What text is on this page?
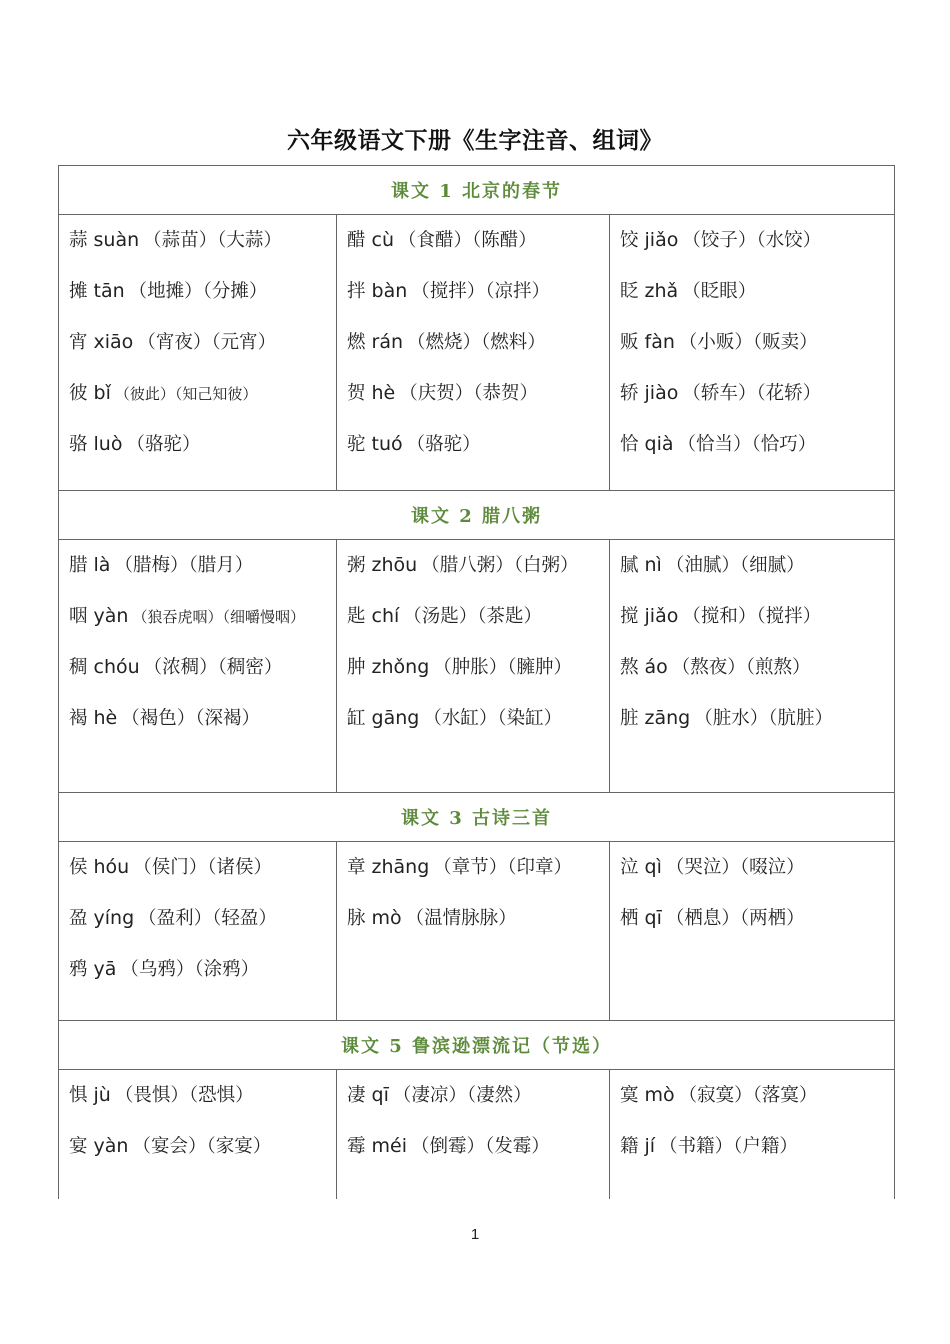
六年级语文下册《生字注音、组词》
课文 1 北京的春节
蒜 suàn （蒜苗）（大蒜）
摊 tān （地摊）（分摊）
宵 xiāo （宵夜）（元宵）
彼 bǐ （彼此）（知己知彼）
骆 luò （骆驼）
醋 cù （食醋）（陈醋）
拌 bàn （搅拌）（凉拌）
燃 rán （燃烧）（燃料）
贺 hè （庆贺）（恭贺）
驼 tuó （骆驼）
饺 jiǎo （饺子）（水饺）
眨 zhǎ （眨眼）
贩 fàn （小贩）（贩卖）
轿 jiào （轿车）（花轿）
恰 qià （恰当）（恰巧）
课文 2 腊八粥
腊 là （腊梅）（腊月）
咽 yàn （狼吞虎咽）（细嚼慢咽）
稠 chóu （浓稠）（稠密）
褐 hè （褐色）（深褐）
粥 zhōu （腊八粥）（白粥）
匙 chí （汤匙）（茶匙）
肿 zhǒng （肿胀）（臃肿）
缸 gāng （水缸）（染缸）
腻 nì （油腻）（细腻）
搅 jiǎo （搅和）（搅拌）
熬 áo （熬夜）（煎熬）
脏 zāng （脏水）（肮脏）
课文 3 古诗三首
侯 hóu （侯门）（诸侯）
盈 yíng （盈利）（轻盈）
鸦 yā （乌鸦）（涂鸦）
章 zhāng （章节）（印章）
脉 mò （温情脉脉）
泣 qì （哭泣）（啜泣）
栖 qī （栖息）（两栖）
课文 5 鲁滨逊漂流记（节选）
惧 jù （畏惧）（恐惧）
宴 yàn （宴会）（家宴）
凄 qī （凄凉）（凄然）
霉 méi （倒霉）（发霉）
寞 mò （寂寞）（落寞）
籍 jí （书籍）（户籍）
1
